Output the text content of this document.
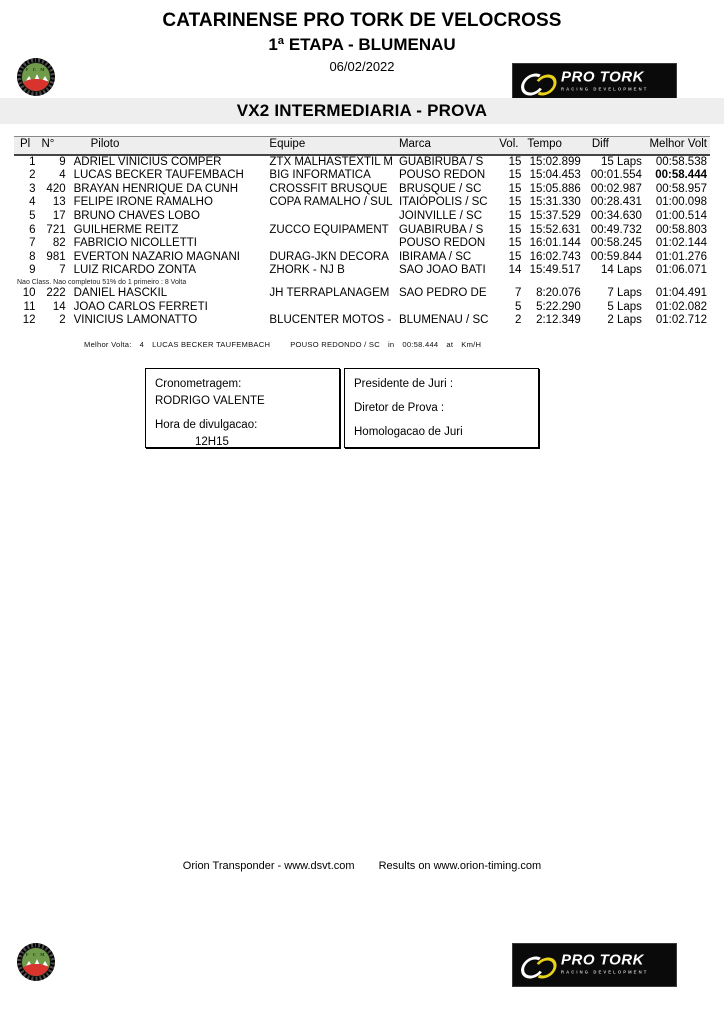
CATARINENSE PRO TORK DE VELOCROSS
1ª ETAPA - BLUMENAU
06/02/2022
F C M	PRO TORK
RACING DEVELOPMENT
VX2 INTERMEDIARIA - PROVA
Pl	N°	Piloto	Equipe	Marca	Vol.	Tempo	Diff	Melhor Volt
1	9	ADRIEL VINICIUS COMPER	ZTX MALHASTEXTIL M	GUABIRUBA / S	15	15:02.899	15 Laps	00:58.538
2	4	LUCAS BECKER TAUFEMBACH	BIG INFORMATICA	POUSO REDON	15	15:04.453	00:01.554	00:58.444
3	420	BRAYAN HENRIQUE DA CUNH	CROSSFIT BRUSQUE	BRUSQUE / SC	15	15:05.886	00:02.987	00:58.957
4	13	FELIPE IRONE RAMALHO	COPA RAMALHO / SUL	ITAIÓPOLIS / SC	15	15:31.330	00:28.431	01:00.098
5	17	BRUNO CHAVES LOBO		JOINVILLE / SC	15	15:37.529	00:34.630	01:00.514
6	721	GUILHERME REITZ	ZUCCO EQUIPAMENT	GUABIRUBA / S	15	15:52.631	00:49.732	00:58.803
7	82	FABRICIO NICOLLETTI		POUSO REDON	15	16:01.144	00:58.245	01:02.144
8	981	EVERTON NAZARIO MAGNANI	DURAG-JKN DECORA	IBIRAMA / SC	15	16:02.743	00:59.844	01:01.276
9	7	LUIZ RICARDO ZONTA	ZHORK - NJ B	SAO JOAO BATI	14	15:49.517	14 Laps	01:06.071
Nao Class. Nao completou 51% do 1 primeiro : 8 Volta								
10	222	DANIEL HASCKIL	JH TERRAPLANAGEM	SAO PEDRO DE	7	8:20.076	7 Laps	01:04.491
11	14	JOAO CARLOS FERRETI			5	5:22.290	5 Laps	01:02.082
12	2	VINICIUS LAMONATTO	BLUCENTER MOTOS -	BLUMENAU / SC	2	2:12.349	2 Laps	01:02.712
Melhor Volta: 4 LUCAS BECKER TAUFEMBACH	POUSO REDONDO / SC in 00:58.444 at Km/H
Cronometragem:
RODRIGO VALENTE
Hora de divulgacao:
12H15
Presidente de Juri :
Diretor de Prova :
Homologacao de Juri
Orion Transponder - www.dsvt.com Results on www.orion-timing.com
F C M	PRO TORK
RACING DEVELOPMENT
